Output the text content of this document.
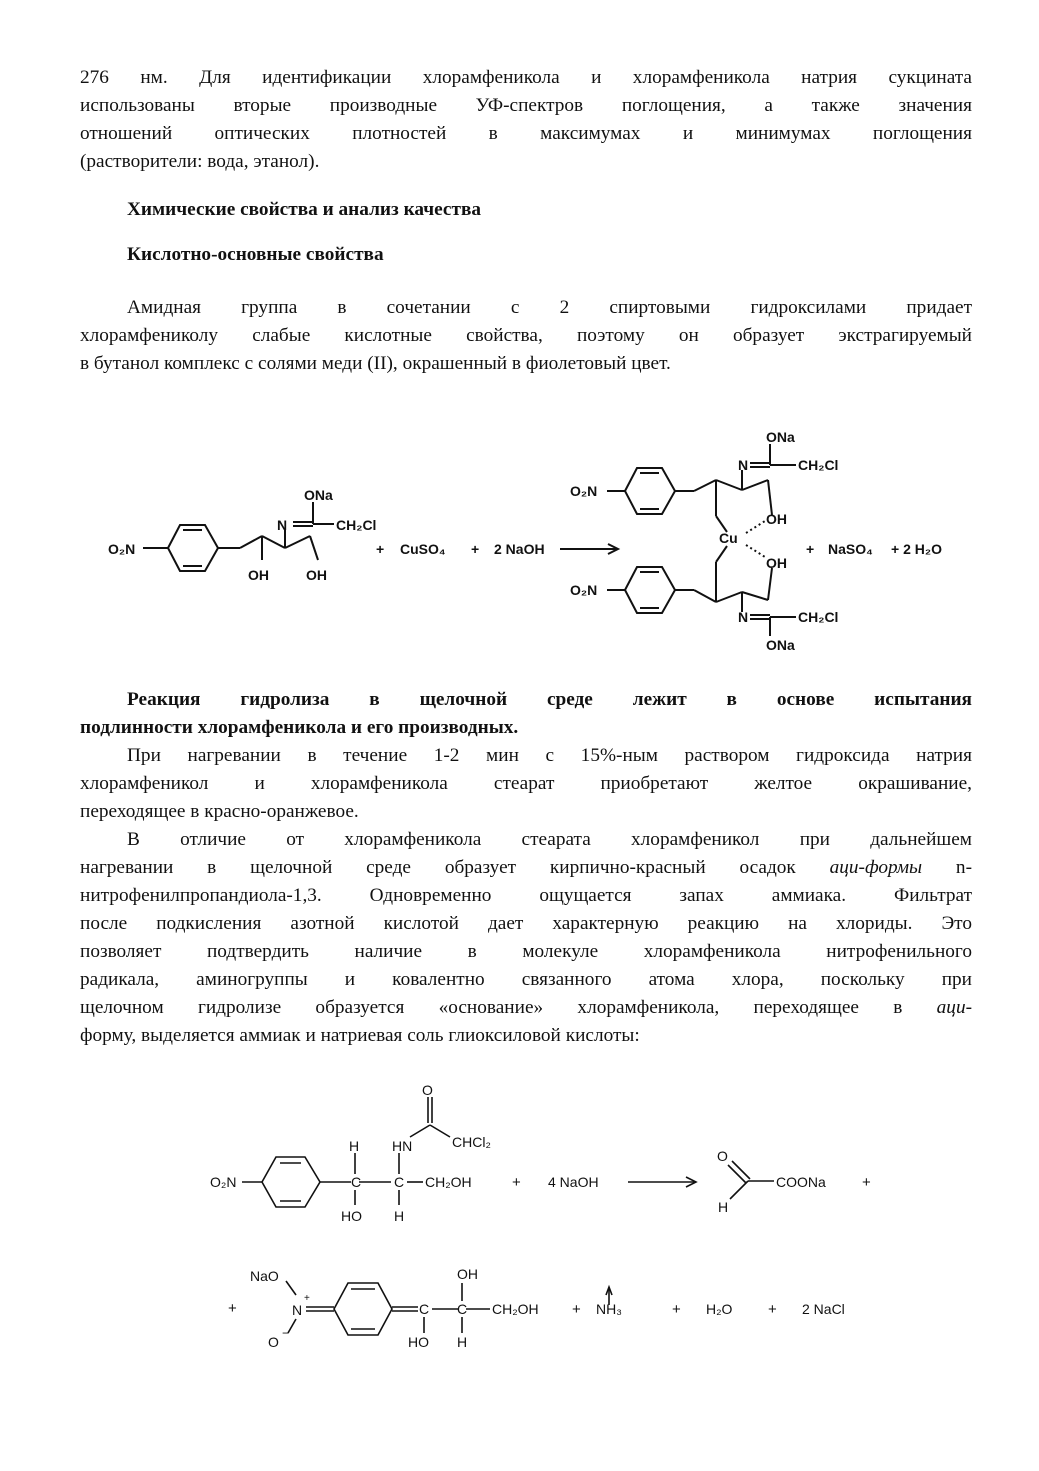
276 нм. Для идентификации хлорамфеникола и хлорамфеникола натрия сукцината
использованы вторые производные УФ-спектров поглощения, а также значения
отношений оптических плотностей в максимумах и минимумах поглощения
(растворители: вода, этанол).
Химические свойства и анализ качества
Кислотно-основные свойства
Амидная группа в сочетании с 2 спиртовыми гидроксилами придает
хлорамфениколу слабые кислотные свойства, поэтому он образует экстрагируемый
в бутанол комплекс с солями меди (II), окрашенный в фиолетовый цвет.
O₂N
N
ONa
CH₂Cl
OH	OH
+ CuSO₄ + 2 NaOH
O₂N
O₂N
ONa
N	CH₂Cl
Cu
OH
OH
N	CH₂Cl
ONa
+ NaSO₄ + 2 H₂O
Реакция гидролиза в щелочной среде лежит в основе испытания
подлинности хлорамфеникола и его производных.
При нагревании в течение 1-2 мин с 15%-ным раствором гидроксида натрия
хлорамфеникол и хлорамфеникола стеарат приобретают желтое окрашивание,
переходящее в красно-оранжевое.
В отличие от хлорамфеникола стеарата хлорамфеникол при дальнейшем
нагревании в щелочной среде образует кирпично-красный осадок аци-формы n-
нитрофенилпропандиола-1,3. Одновременно ощущается запах аммиака. Фильтрат
после подкисления азотной кислотой дает характерную реакцию на хлориды. Это
позволяет подтвердить наличие в молекуле хлорамфеникола нитрофенильного
радикала, аминогруппы и ковалентно связанного атома хлора, поскольку при
щелочном гидролизе образуется «основание» хлорамфеникола, переходящее в аци-
форму, выделяется аммиак и натриевая соль глиоксиловой кислоты:
O
H HN	CHCl₂
O₂N	C C CH₂OH
HO H
+ 4 NaOH
O
COONa
H
+
+
NaO
N
+
O
−
C C CH₂OH
OH
HO H
+ NH₃	+ H₂O + 2 NaCl
